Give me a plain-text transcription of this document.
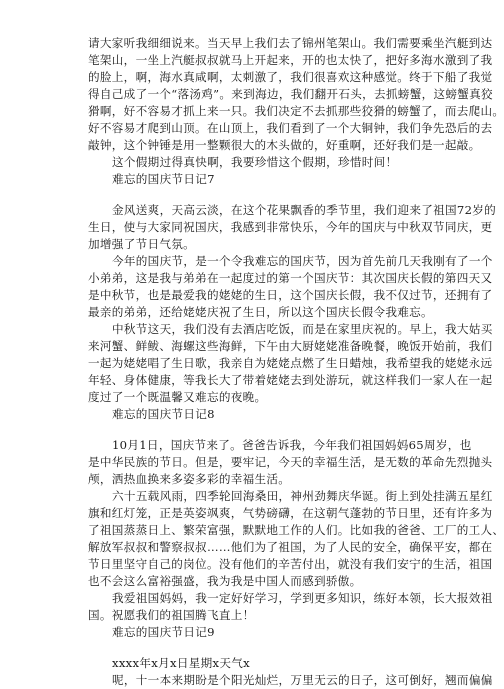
请大家听我细细说来。当天早上我们去了锦州笔架山。我们需要乘坐汽艇到达
笔架山，一坐上汽艇叔叔就马上开起来，开的也太快了，把好多海水激到了我
的脸上，啊，海水真咸啊，太刺激了，我们很喜欢这种感觉。终于下船了我觉
得自己成了一个“落汤鸡”。来到海边，我们翻开石头，去抓螃蟹，这螃蟹真狡
猾啊，好不容易才抓上来一只。我们决定不去抓那些狡猾的螃蟹了，而去爬山。
好不容易才爬到山顶。在山顶上，我们看到了一个大铜钟，我们争先恐后的去
敲钟，这个钟锤是用一整颗很大的木头做的，好重啊，还好我们是一起敲。
这个假期过得真快啊，我要珍惜这个假期，珍惜时间！
难忘的国庆节日记7
金风送爽，天高云淡，在这个花果飘香的季节里，我们迎来了祖国72岁的
生日，使与大家同祝国庆，我感到非常快乐，今年的国庆与中秋双节同庆，更
加增强了节日气氛。
今年的国庆节，是一个令我难忘的国庆节，因为首先前几天我刚有了一个
小弟弟，这是我与弟弟在一起度过的第一个国庆节：其次国庆长假的第四天又
是中秋节，也是最爱我的姥姥的生日，这个国庆长假，我不仅过节，还拥有了
最亲的弟弟，还给姥姥庆祝了生日，所以这个国庆长假令我难忘。
中秋节这天，我们没有去酒店吃饭，而是在家里庆祝的。早上，我大姑买
来河蟹、鲜鲅、海螺这些海鲜，下午由大厨姥姥准备晚餐，晚饭开始前，我们
一起为姥姥唱了生日歌，我亲自为姥姥点燃了生日蜡烛，我希望我的姥姥永远
年轻、身体健康，等我长大了带着姥姥去到处游玩，就这样我们一家人在一起
度过了一个既温馨又难忘的夜晚。
难忘的国庆节日记8
10月1日，国庆节来了。爸爸告诉我，今年我们祖国妈妈65周岁，也
是中华民族的节日。但是，要牢记，今天的幸福生活，是无数的革命先烈抛头
颅，洒热血换来多姿多彩的幸福生活。
六十五载风雨，四季轮回海桑田，神州劲舞庆华诞。街上到处挂满五星红
旗和红灯笼，正是英姿飒爽，气势磅礴，在这朝气蓬勃的节日里，还有许多为
了祖国蒸蒸日上、繁荣富强，默默地工作的人们。比如我的爸爸、工厂的工人、
解放军叔叔和警察叔叔……他们为了祖国，为了人民的安全，确保平安，都在
节日里坚守自己的岗位。没有他们的辛苦付出，就没有我们安宁的生活，祖国
也不会这么富裕强盛，我为我是中国人而感到骄傲。
我爱祖国妈妈，我一定好好学习，学到更多知识，练好本领，长大报效祖
国。祝愿我们的祖国腾飞直上！
难忘的国庆节日记9
xxxx年x月x日星期x天气x
呢，十一本来期盼是个阳光灿烂，万里无云的日子，这可倒好，翘而偏偏
